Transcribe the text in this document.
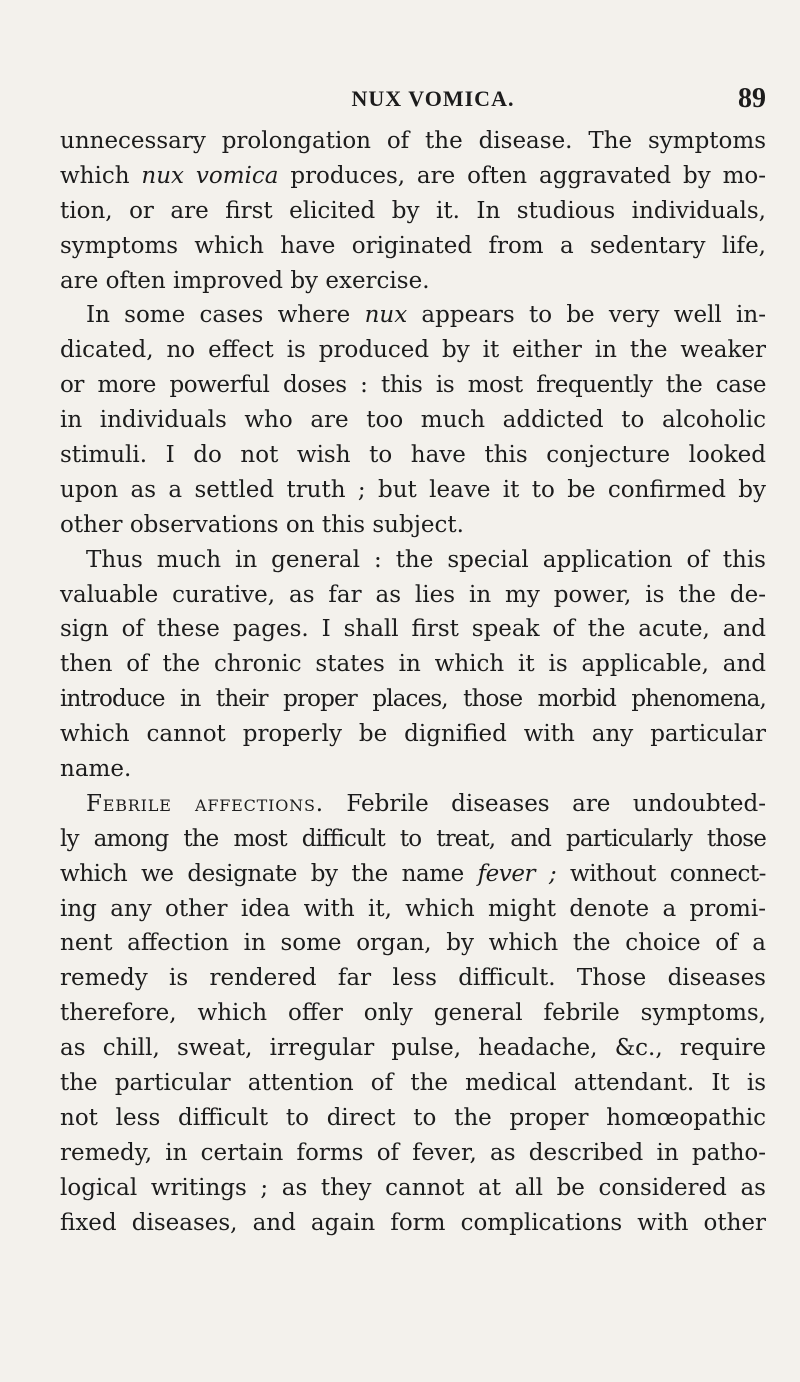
NUX VOMICA.	89
unnecessary prolongation of the disease. The symptoms
which nux vomica produces, are often aggravated by mo-
tion, or are first elicited by it. In studious individuals,
symptoms which have originated from a sedentary life,
are often improved by exercise.
In some cases where nux appears to be very well in-
dicated, no effect is produced by it either in the weaker
or more powerful doses : this is most frequently the case
in individuals who are too much addicted to alcoholic
stimuli. I do not wish to have this conjecture looked
upon as a settled truth ; but leave it to be confirmed by
other observations on this subject.
Thus much in general : the special application of this
valuable curative, as far as lies in my power, is the de-
sign of these pages. I shall first speak of the acute, and
then of the chronic states in which it is applicable, and
introduce in their proper places, those morbid phenomena,
which cannot properly be dignified with any particular
name.
Febrile affections. Febrile diseases are undoubted-
ly among the most difficult to treat, and particularly those
which we designate by the name fever ; without connect-
ing any other idea with it, which might denote a promi-
nent affection in some organ, by which the choice of a
remedy is rendered far less difficult. Those diseases
therefore, which offer only general febrile symptoms,
as chill, sweat, irregular pulse, headache, &c., require
the particular attention of the medical attendant. It is
not less difficult to direct to the proper homœopathic
remedy, in certain forms of fever, as described in patho-
logical writings ; as they cannot at all be considered as
fixed diseases, and again form complications with other
